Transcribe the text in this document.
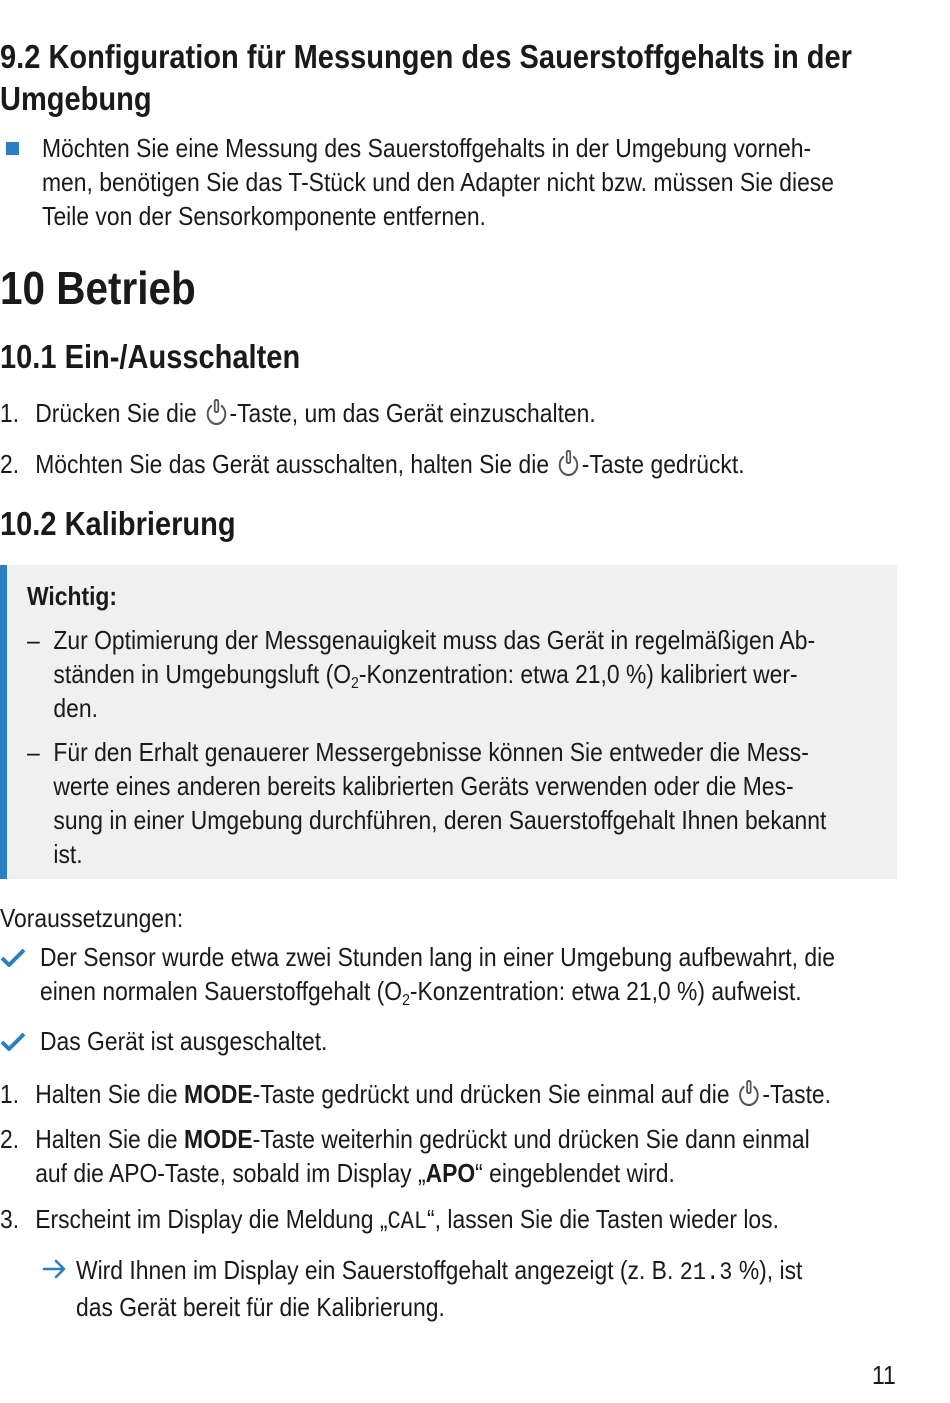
9.2 Konfiguration für Messungen des Sauerstoffgehalts in der
Umgebung
Möchten Sie eine Messung des Sauerstoffgehalts in der Umgebung vorneh-
men, benötigen Sie das T-Stück und den Adapter nicht bzw. müssen Sie diese
Teile von der Sensorkomponente entfernen.
10 Betrieb
10.1 Ein-/Ausschalten
1. Drücken Sie die
-Taste, um das Gerät einzuschalten.
2. Möchten Sie das Gerät ausschalten, halten Sie die
-Taste gedrückt.
10.2 Kalibrierung
Wichtig:
– Zur Optimierung der Messgenauigkeit muss das Gerät in regelmäßigen Ab-
ständen in Umgebungsluft ($O_2$-Konzentration: etwa 21,0 %) kalibriert wer-
den.
– Für den Erhalt genauerer Messergebnisse können Sie entweder die Mess-
werte eines anderen bereits kalibrierten Geräts verwenden oder die Mes-
sung in einer Umgebung durchführen, deren Sauerstoffgehalt Ihnen bekannt
ist.
Voraussetzungen:
Der Sensor wurde etwa zwei Stunden lang in einer Umgebung aufbewahrt, die
einen normalen Sauerstoffgehalt ($O_2$-Konzentration: etwa 21,0 %) aufweist.
Das Gerät ist ausgeschaltet.
1. Halten Sie die MODE-Taste gedrückt und drücken Sie einmal auf die
-Taste.
2. Halten Sie die MODE-Taste weiterhin gedrückt und drücken Sie dann einmal
auf die APO-Taste, sobald im Display „APO“ eingeblendet wird.
3. Erscheint im Display die Meldung „CAL“, lassen Sie die Tasten wieder los.
Wird Ihnen im Display ein Sauerstoffgehalt angezeigt (z. B. 21.3 %), ist
das Gerät bereit für die Kalibrierung.
11
